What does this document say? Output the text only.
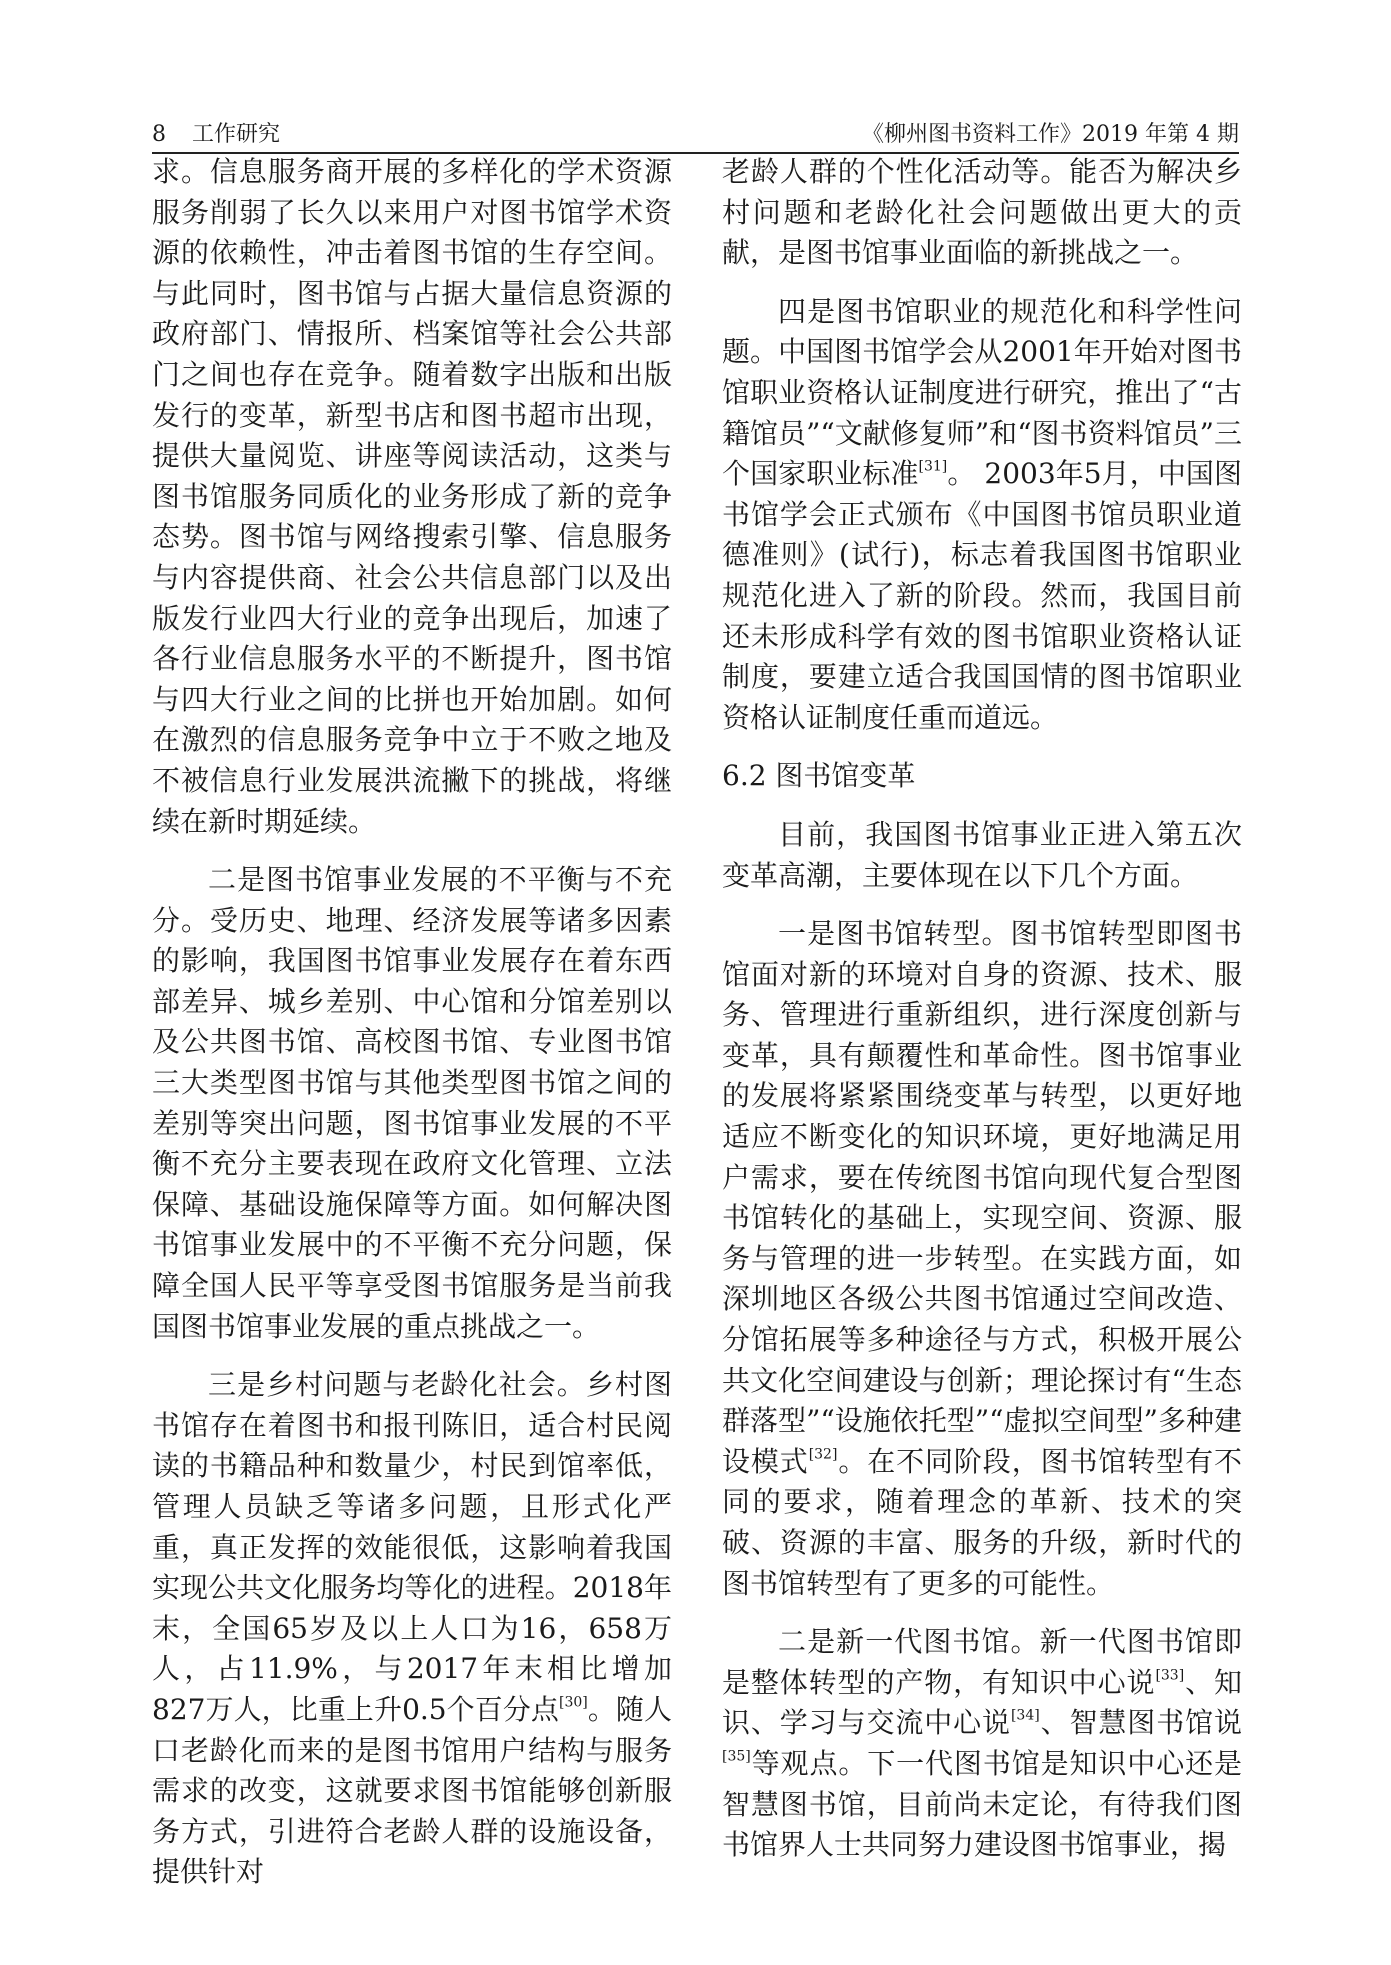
8 工作研究	《柳州图书资料工作》2019 年第 4 期

求。信息服务商开展的多样化的学术资源服务削弱了长久以来用户对图书馆学术资源的依赖性，冲击着图书馆的生存空间。与此同时，图书馆与占据大量信息资源的政府部门、情报所、档案馆等社会公共部门之间也存在竞争。随着数字出版和出版发行的变革，新型书店和图书超市出现，提供大量阅览、讲座等阅读活动，这类与图书馆服务同质化的业务形成了新的竞争态势。图书馆与网络搜索引擎、信息服务与内容提供商、社会公共信息部门以及出版发行业四大行业的竞争出现后，加速了各行业信息服务水平的不断提升，图书馆与四大行业之间的比拼也开始加剧。如何在激烈的信息服务竞争中立于不败之地及不被信息行业发展洪流撇下的挑战，将继续在新时期延续。

二是图书馆事业发展的不平衡与不充分。受历史、地理、经济发展等诸多因素的影响，我国图书馆事业发展存在着东西部差异、城乡差别、中心馆和分馆差别以及公共图书馆、高校图书馆、专业图书馆三大类型图书馆与其他类型图书馆之间的差别等突出问题，图书馆事业发展的不平衡不充分主要表现在政府文化管理、立法保障、基础设施保障等方面。如何解决图书馆事业发展中的不平衡不充分问题，保障全国人民平等享受图书馆服务是当前我国图书馆事业发展的重点挑战之一。

三是乡村问题与老龄化社会。乡村图书馆存在着图书和报刊陈旧，适合村民阅读的书籍品种和数量少，村民到馆率低，管理人员缺乏等诸多问题，且形式化严重，真正发挥的效能很低，这影响着我国实现公共文化服务均等化的进程。2018年末，全国65岁及以上人口为16，658万人，占11.9%，与2017年末相比增加827万人，比重上升0.5个百分点[30]。随人口老龄化而来的是图书馆用户结构与服务需求的改变，这就要求图书馆能够创新服务方式，引进符合老龄人群的设施设备，提供针对

老龄人群的个性化活动等。能否为解决乡村问题和老龄化社会问题做出更大的贡献，是图书馆事业面临的新挑战之一。

四是图书馆职业的规范化和科学性问题。中国图书馆学会从2001年开始对图书馆职业资格认证制度进行研究，推出了“古籍馆员”“文献修复师”和“图书资料馆员”三个国家职业标准[31]。 2003年5月，中国图书馆学会正式颁布《中国图书馆员职业道德准则》(试行)，标志着我国图书馆职业规范化进入了新的阶段。然而，我国目前还未形成科学有效的图书馆职业资格认证制度，要建立适合我国国情的图书馆职业资格认证制度任重而道远。

6.2 图书馆变革

目前，我国图书馆事业正进入第五次变革高潮，主要体现在以下几个方面。

一是图书馆转型。图书馆转型即图书馆面对新的环境对自身的资源、技术、服务、管理进行重新组织，进行深度创新与变革，具有颠覆性和革命性。图书馆事业的发展将紧紧围绕变革与转型，以更好地适应不断变化的知识环境，更好地满足用户需求，要在传统图书馆向现代复合型图书馆转化的基础上，实现空间、资源、服务与管理的进一步转型。在实践方面，如深圳地区各级公共图书馆通过空间改造、分馆拓展等多种途径与方式，积极开展公共文化空间建设与创新；理论探讨有“生态群落型”“设施依托型”“虚拟空间型”多种建设模式[32]。在不同阶段，图书馆转型有不同的要求，随着理念的革新、技术的突破、资源的丰富、服务的升级，新时代的图书馆转型有了更多的可能性。

二是新一代图书馆。新一代图书馆即是整体转型的产物，有知识中心说[33]、知识、学习与交流中心说[34]、智慧图书馆说[35]等观点。下一代图书馆是知识中心还是智慧图书馆，目前尚未定论，有待我们图书馆界人士共同努力建设图书馆事业，揭
